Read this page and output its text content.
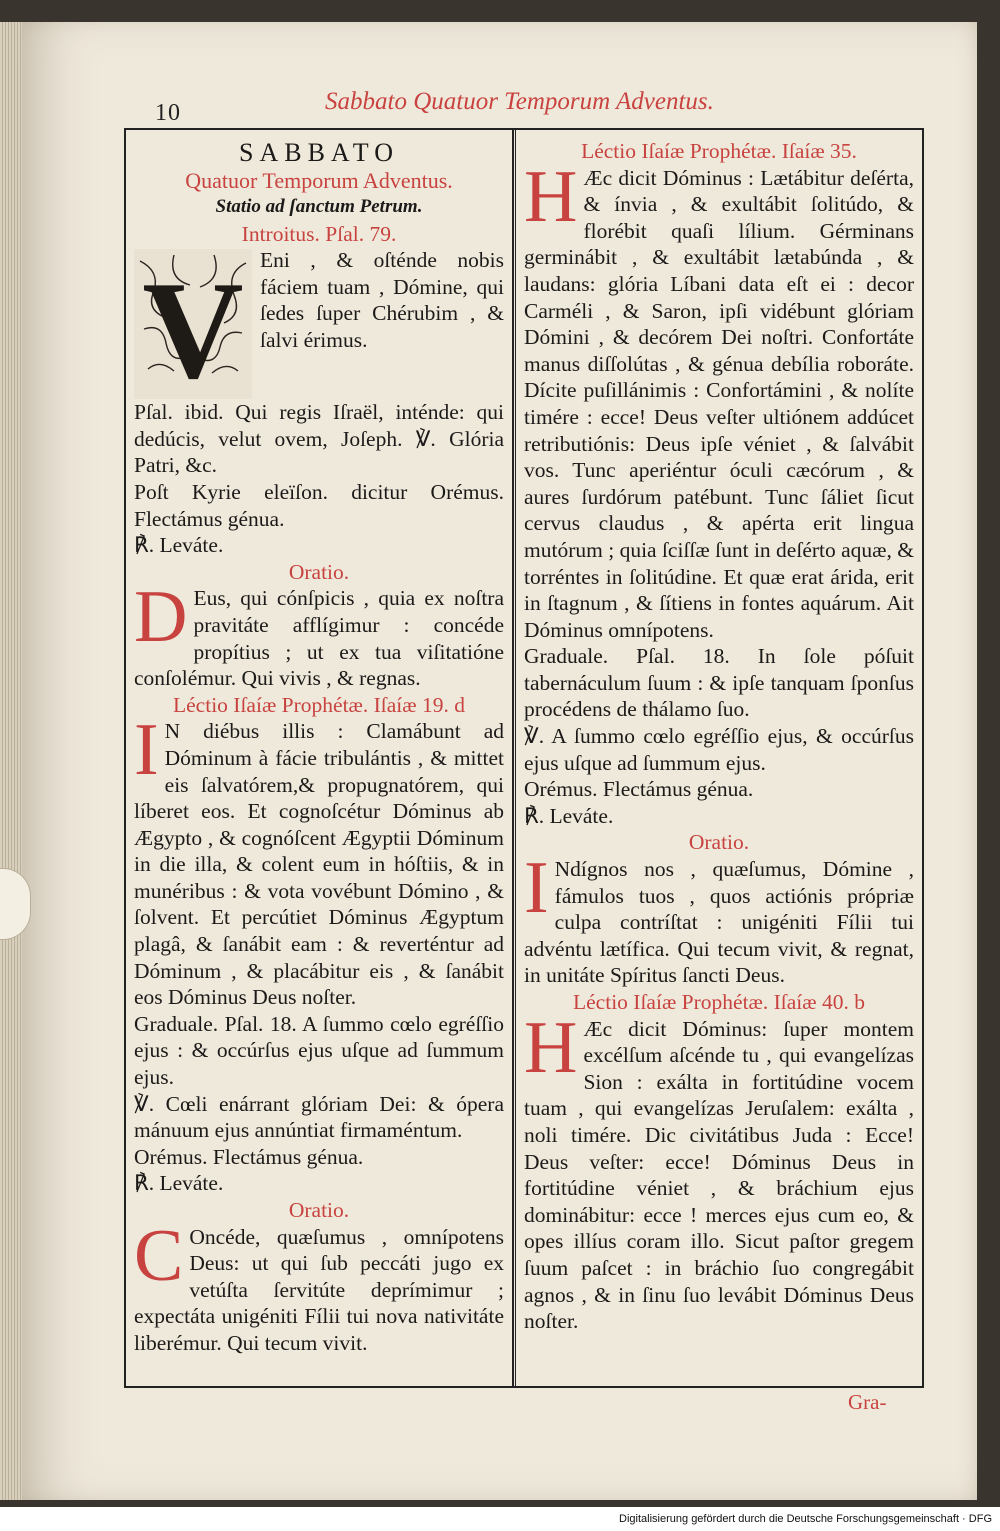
10	Sabbato Quatuor Temporum Adventus.
SABBATO
Quatuor Temporum Adventus.
Statio ad ſanctum Petrum.
Introitus. Pſal. 79.
V Eni , & oſténde nobis fáciem tuam , Dómine, qui ſedes ſuper Chérubim , & ſalvi érimus.

Pſal. ibid. Qui regis Iſraël, inténde: qui dedúcis, velut ovem, Joſeph. ℣. Glória Patri, &c.

Poſt Kyrie eleïſon. dicitur Orémus. Flectámus génua.

℟. Leváte.

Oratio.
D Eus, qui cónſpicis , quia ex noſtra pravitáte afflígimur : concéde propítius ; ut ex tua viſitatióne conſolémur. Qui vivis , & regnas.

Léctio Iſaíæ Prophétæ. Iſaíæ 19. d
I N diébus illis : Clamábunt ad Dóminum à fácie tribulántis , & mittet eis ſalvatórem,& propugnatórem, qui líberet eos. Et cognoſcétur Dóminus ab Ægypto , & cognóſcent Ægyptii Dóminum in die illa, & colent eum in hóſtiis, & in munéribus : & vota vovébunt Dómino , & ſolvent. Et percútiet Dóminus Ægyptum plagâ, & ſanábit eam : & reverténtur ad Dóminum , & placábitur eis , & ſanábit eos Dóminus Deus noſter.

Graduale. Pſal. 18. A ſummo cœlo egréſſio ejus : & occúrſus ejus uſque ad ſummum ejus.

℣. Cœli enárrant glóriam Dei: & ópera mánuum ejus annúntiat firmaméntum.

Orémus. Flectámus génua.

℟. Leváte.

Oratio.
C Oncéde, quæſumus , omnípotens Deus: ut qui ſub peccáti jugo ex vetúſta ſervitúte deprímimur ; expectáta unigéniti Fílii tui nova nativitáte liberémur. Qui tecum vivit.

Léctio Iſaíæ Prophétæ. Iſaíæ 35.
H Æc dicit Dóminus : Lætábitur deſérta, & ínvia , & exultábit ſolitúdo, & florébit quaſi lílium. Gérminans germinábit , & exultábit lætabúnda , & laudans: glória Líbani data eſt ei : decor Carméli , & Saron, ipſi vidébunt glóriam Dómini , & decórem Dei noſtri. Confortáte manus diſſolútas , & génua debília roboráte. Dícite puſillánimis : Confortámini , & nolíte timére : ecce! Deus veſter ultiónem addúcet retributiónis: Deus ipſe véniet , & ſalvábit vos. Tunc aperiéntur óculi cæcórum , & aures ſurdórum patébunt. Tunc ſáliet ſicut cervus claudus , & apérta erit lingua mutórum ; quia ſciſſæ ſunt in deſérto aquæ, & torréntes in ſolitúdine. Et quæ erat árida, erit in ſtagnum , & ſítiens in fontes aquárum. Ait Dóminus omnípotens.

Graduale. Pſal. 18. In ſole póſuit tabernáculum ſuum : & ipſe tanquam ſponſus procédens de thálamo ſuo.

℣. A ſummo cœlo egréſſio ejus, & occúrſus ejus uſque ad ſummum ejus.

Orémus. Flectámus génua.

℟. Leváte.

Oratio.
I Ndígnos nos , quæſumus, Dómine , fámulos tuos , quos actiónis própriæ culpa contríſtat : unigéniti Fílii tui advéntu lætífica. Qui tecum vivit, & regnat, in unitáte Spíritus ſancti Deus.

Léctio Iſaíæ Prophétæ. Iſaíæ 40. b
H Æc dicit Dóminus: ſuper montem excélſum aſcénde tu , qui evangelízas Sion : exálta in fortitúdine vocem tuam , qui evangelízas Jeruſalem: exálta , noli timére. Dic civitátibus Juda : Ecce! Deus veſter: ecce! Dóminus Deus in fortitúdine véniet , & bráchium ejus dominábitur: ecce ! merces ejus cum eo, & opes illíus coram illo. Sicut paſtor gregem ſuum paſcet : in bráchio ſuo congregábit agnos , & in ſinu ſuo levábit Dóminus Deus noſter.

Gra-
Digitalisierung gefördert durch die Deutsche Forschungsgemeinschaft · DFG
